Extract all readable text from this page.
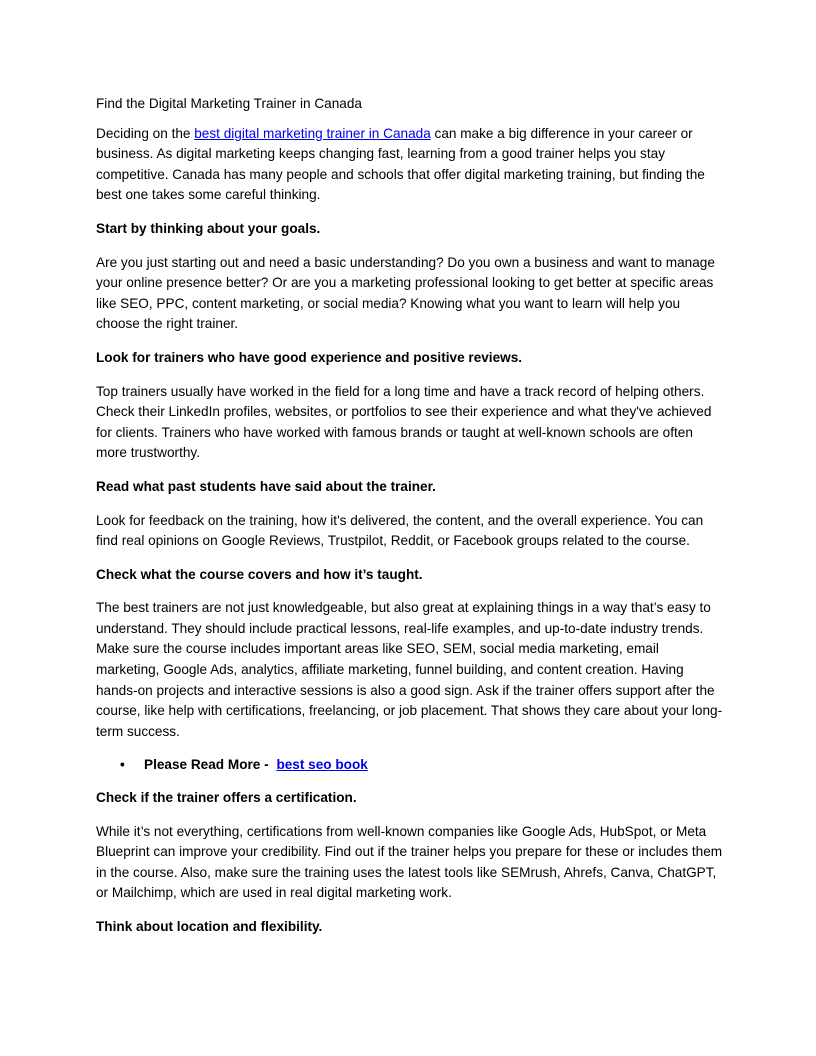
Find the Digital Marketing Trainer in Canada

Deciding on the best digital marketing trainer in Canada can make a big difference in your career or business. As digital marketing keeps changing fast, learning from a good trainer helps you stay competitive. Canada has many people and schools that offer digital marketing training, but finding the best one takes some careful thinking.

Start by thinking about your goals.

Are you just starting out and need a basic understanding? Do you own a business and want to manage your online presence better? Or are you a marketing professional looking to get better at specific areas like SEO, PPC, content marketing, or social media? Knowing what you want to learn will help you choose the right trainer.

Look for trainers who have good experience and positive reviews.

Top trainers usually have worked in the field for a long time and have a track record of helping others. Check their LinkedIn profiles, websites, or portfolios to see their experience and what they've achieved for clients. Trainers who have worked with famous brands or taught at well-known schools are often more trustworthy.

Read what past students have said about the trainer.

Look for feedback on the training, how it's delivered, the content, and the overall experience. You can find real opinions on Google Reviews, Trustpilot, Reddit, or Facebook groups related to the course.

Check what the course covers and how it’s taught.

The best trainers are not just knowledgeable, but also great at explaining things in a way that’s easy to understand. They should include practical lessons, real-life examples, and up-to-date industry trends. Make sure the course includes important areas like SEO, SEM, social media marketing, email marketing, Google Ads, analytics, affiliate marketing, funnel building, and content creation. Having hands-on projects and interactive sessions is also a good sign. Ask if the trainer offers support after the course, like help with certifications, freelancing, or job placement. That shows they care about your long-term success.

• Please Read More - best seo book

Check if the trainer offers a certification.

While it’s not everything, certifications from well-known companies like Google Ads, HubSpot, or Meta Blueprint can improve your credibility. Find out if the trainer helps you prepare for these or includes them in the course. Also, make sure the training uses the latest tools like SEMrush, Ahrefs, Canva, ChatGPT, or Mailchimp, which are used in real digital marketing work.

Think about location and flexibility.
